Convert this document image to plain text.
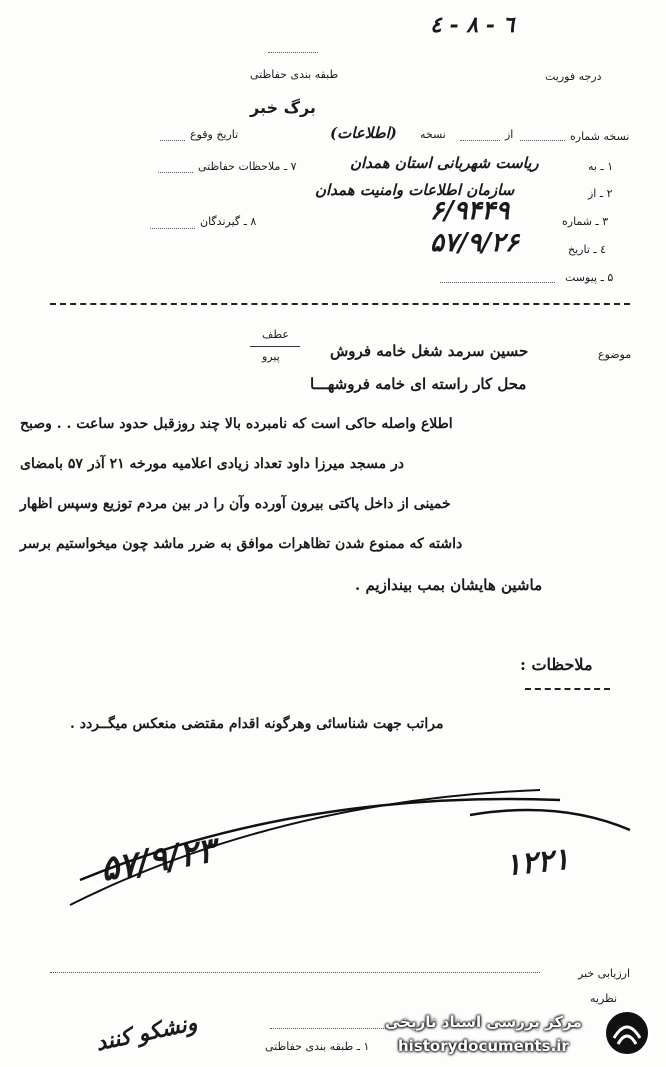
٦ - ٨ - ٤
درجه فوریت
طبقه بندی حفاظتی
برگ خبر
نسخه شماره
از
نسخه
(اطلاعات)
تاریخ وقوع
۱ ـ به
ریاست شهربانی استان همدان
۷ ـ ملاحظات حفاظتی
۲ ـ از
سازمان اطلاعات وامنیت همدان
۳ ـ شماره
۶/۹۴۴۹
۸ ـ گیرندگان
٤ ـ تاریخ
۵۷/۹/۲۶
۵ ـ پیوست
عطف
پیرو	موضوع
حسین سرمد شغل خامه فروش
محل کار راسته ای خامه فروشهـــا
اطلاع واصله حاکی است که نامبرده بالا چند روزقبل حدود ساعت . . وصبح
در مسجد میرزا داود تعداد زیادی اعلامیه مورخه ۲۱ آذر ۵۷ بامضای
خمینی از داخل پاکتی بیرون آورده وآن را در بین مردم توزیع وسپس اظهار
داشته که ممنوع شدن تظاهرات موافق به ضرر ماشد چون میخواستیم برسر
ماشین هایشان بمب بیندازیم .
ملاحظات :
مراتب جهت شناسائی وهرگونه اقدام مقتضی منعکس میگــردد .
۵۷/۹/۲۳	۱۲۲۱
ونشکو کنند
ارزیابی خبر
نظریه
۱ ـ طبقه بندی حفاظتی
مرکز بررسی اسناد تاریخی
historydocuments.ir
